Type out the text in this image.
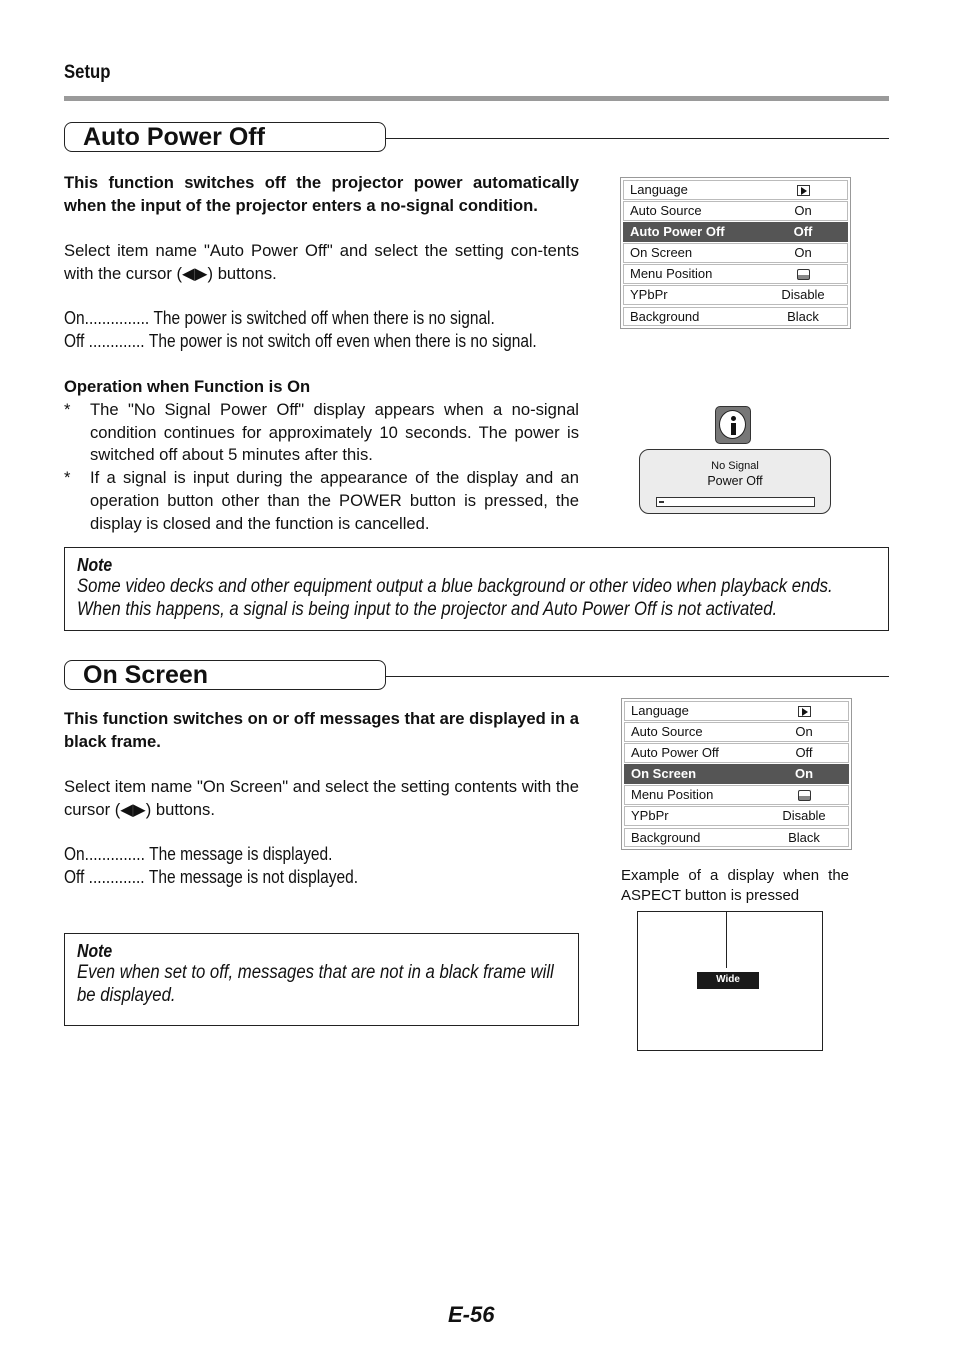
Setup
Auto Power Off
This function switches off the projector power automatically when the input of the projector enters a no-signal condition.
Select item name "Auto Power Off" and select the setting con-tents with the cursor (◀▶) buttons.
On............... The power is switched off when there is no signal.
Off ............. The power is not switch off even when there is no signal.
Operation when Function is On
* The "No Signal Power Off" display appears when a no-signal condition continues for approximately 10 seconds. The power is switched off about 5 minutes after this.
* If a signal is input during the appearance of the display and an operation button other than the POWER button is pressed, the display is closed and the function is cancelled.
Language
Auto Source	On
Auto Power Off	Off
On Screen	On
Menu Position
YPbPr	Disable
Background	Black
No Signal
Power Off
Note
Some video decks and other equipment output a blue background or other video when playback ends. When this happens, a signal is being input to the projector and Auto Power Off is not activated.
On Screen
This function switches on or off messages that are displayed in a black frame.
Select item name "On Screen" and select the setting contents with the cursor (◀▶) buttons.
On.............. The message is displayed.
Off ............. The message is not displayed.
Note
Even when set to off, messages that are not in a black frame will be displayed.
Language
Auto Source	On
Auto Power Off	Off
On Screen	On
Menu Position
YPbPr	Disable
Background	Black
Example of a display when the ASPECT button is pressed
Wide
E-56
